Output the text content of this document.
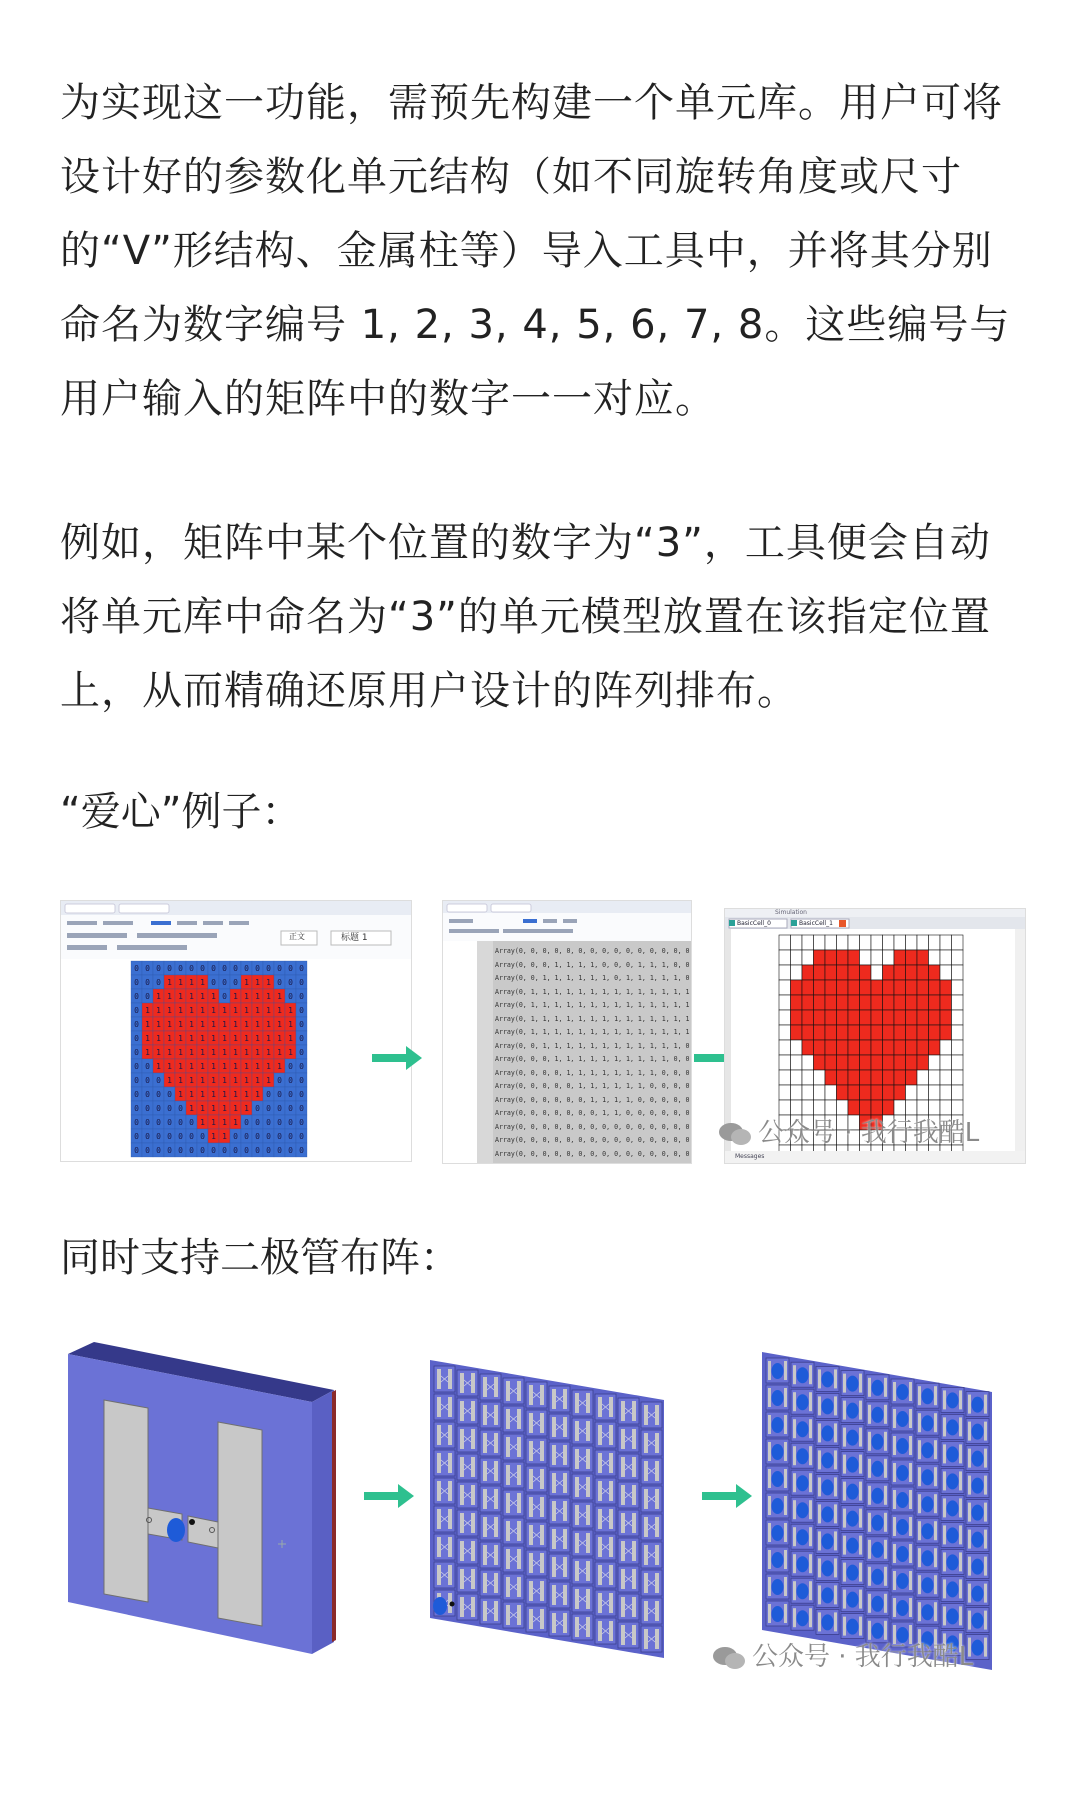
为实现这一功能，需预先构建一个单元库。用户可将设计好的参数化单元结构（如不同旋转角度或尺寸的“V”形结构、金属柱等）导入工具中，并将其分别命名为数字编号 1, 2, 3, 4, 5, 6, 7, 8。这些编号与用户输入的矩阵中的数字一一对应。

例如，矩阵中某个位置的数字为“3”，工具便会自动将单元库中命名为“3”的单元模型放置在该指定位置上，从而精确还原用户设计的阵列排布。

“爱心”例子：
同时支持二极管布阵：
0 0 0 0 0 0 0 0 0 0 0 0 0 0 0 0
0 0 0 1 1 1 1 0 0 0 1 1 1 0 0 0
0 0 1 1 1 1 1 1 0 1 1 1 1 1 0 0
0 1 1 1 1 1 1 1 1 1 1 1 1 1 1 0
0 1 1 1 1 1 1 1 1 1 1 1 1 1 1 0
0 1 1 1 1 1 1 1 1 1 1 1 1 1 1 0
0 1 1 1 1 1 1 1 1 1 1 1 1 1 1 0
0 0 1 1 1 1 1 1 1 1 1 1 1 1 0 0
0 0 0 1 1 1 1 1 1 1 1 1 1 0 0 0
0 0 0 0 1 1 1 1 1 1 1 1 0 0 0 0
0 0 0 0 0 1 1 1 1 1 1 0 0 0 0 0
0 0 0 0 0 0 1 1 1 1 0 0 0 0 0 0
0 0 0 0 0 0 0 1 1 0 0 0 0 0 0 0
0 0 0 0 0 0 0 0 0 0 0 0 0 0 0 0
正文	标题 1
Array(0, 0, 0, 0, 0, 0, 0, 0, 0, 0, 0, 0, 0, 0, 0
Array(0, 0, 0, 1, 1, 1, 1, 0, 0, 0, 1, 1, 1, 0, 0
Array(0, 0, 1, 1, 1, 1, 1, 1, 0, 1, 1, 1, 1, 1, 0
Array(0, 1, 1, 1, 1, 1, 1, 1, 1, 1, 1, 1, 1, 1, 1
Array(0, 1, 1, 1, 1, 1, 1, 1, 1, 1, 1, 1, 1, 1, 1
Array(0, 1, 1, 1, 1, 1, 1, 1, 1, 1, 1, 1, 1, 1, 1
Array(0, 1, 1, 1, 1, 1, 1, 1, 1, 1, 1, 1, 1, 1, 1
Array(0, 0, 1, 1, 1, 1, 1, 1, 1, 1, 1, 1, 1, 1, 0
Array(0, 0, 0, 1, 1, 1, 1, 1, 1, 1, 1, 1, 1, 0, 0
Array(0, 0, 0, 0, 1, 1, 1, 1, 1, 1, 1, 1, 0, 0, 0
Array(0, 0, 0, 0, 0, 1, 1, 1, 1, 1, 1, 0, 0, 0, 0
Array(0, 0, 0, 0, 0, 0, 1, 1, 1, 1, 0, 0, 0, 0, 0
Array(0, 0, 0, 0, 0, 0, 0, 1, 1, 0, 0, 0, 0, 0, 0
Array(0, 0, 0, 0, 0, 0, 0, 0, 0, 0, 0, 0, 0, 0, 0
Array(0, 0, 0, 0, 0, 0, 0, 0, 0, 0, 0, 0, 0, 0, 0
Array(0, 0, 0, 0, 0, 0, 0, 0, 0, 0, 0, 0, 0, 0, 0
Simulation
BasicCell_0	BasicCell_1
Messages
公众号 · 我行我酷L
公众号 · 我行我酷L
